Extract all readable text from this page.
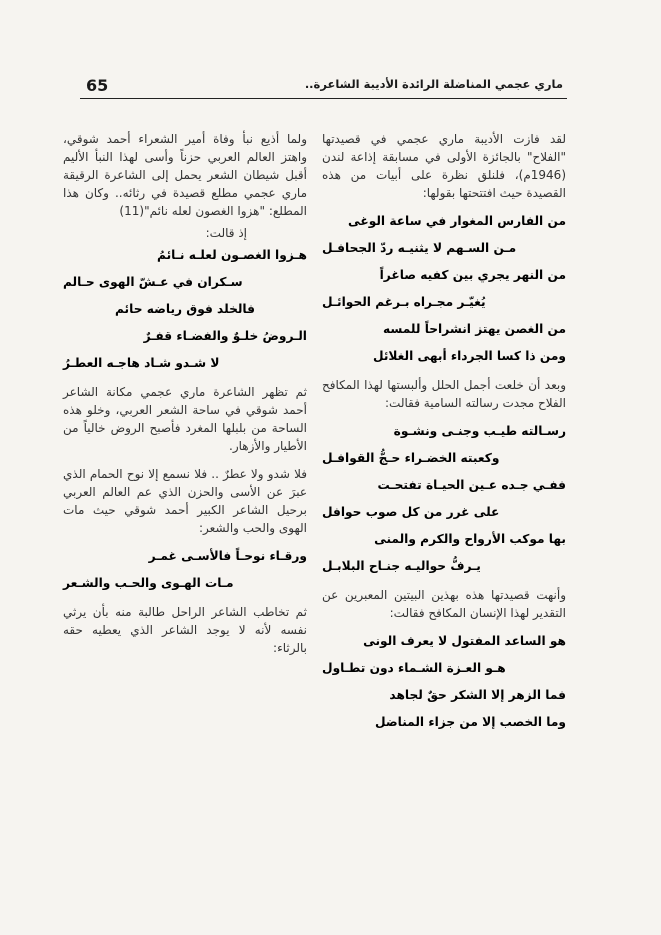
65	ماري عجمي المناضلة الرائدة الأديبة الشاعرة..

لقد فازت الأديبة ماري عجمي في قصيدتها "الفلاح" بالجائزة الأولى في مسابقة إذاعة لندن (1946م)، فلنلق نظرة على أبيات من هذه القصيدة حيث افتتحتها بقولها:

من الفارس المغوار في ساعة الوغى
مـن السـهم لا يثنيـه ردّ الجحافـل
من النهر يجري بين كفيه صاغراً
يُغيّـر مجـراه بـرغم الحوائـل
من الغصن يهتز انشراحاً للمسه
ومن ذا كسا الجرداء أبهى الغلائل

وبعد أن خلعت أجمل الحلل وألبستها لهذا المكافح الفلاح مجدت رسالته السامية فقالت:

رسـالته طيـب وجنـى ونشـوة
وكعبته الخضـراء حـجُّ القوافـل
ففـي جـده عـين الحيـاة تفتحـت
على غرر من كل صوب حوافل
بها موكب الأرواح والكرم والمنى
يـرفُّ حواليـه جنـاح البلابـل

وأنهت قصيدتها هذه بهذين البيتين المعبرين عن التقدير لهذا الإنسان المكافح فقالت:

هو الساعد المفتول لا يعرف الونى
هـو العـزة الشـماء دون تطـاول
فما الزهر إلا الشكر حقٌ لجاهد
وما الخصب إلا من جزاء المناضل

ولما أذيع نبأ وفاة أمير الشعراء أحمد شوقي، واهتز العالم العربي حزناً وأسى لهذا النبأ الأليم أقبل شيطان الشعر يحمل إلى الشاعرة الرقيقة ماري عجمي مطلع قصيدة في رثائه.. وكان هذا المطلع: "هزوا الغصون لعله نائم"(11)

إذ قالت:
هـزوا الغصـون لعلـه نـائمُ
سـكران في عـشّ الهوى حـالم
فالخلد فوق رياضه حائم
الـروضُ خلـوٌ والفضـاء قفـرٌ
لا شـدو شـاد هاجـه العطـرُ

ثم تظهر الشاعرة ماري عجمي مكانة الشاعر أحمد شوقي في ساحة الشعر العربي، وخلو هذه الساحة من بلبلها المغرد فأصبح الروض خالياً من الأطيار والأزهار.

فلا شدو ولا عطرٌ .. فلا نسمع إلا نوح الحمام الذي عبرَ عن الأسى والحزن الذي عم العالم العربي برحيل الشاعر الكبير أحمد شوقي حيث مات الهوى والحب والشعر:

ورقـاء نوحـاً فالأسـى غمـر
مـات الهـوى والحـب والشـعر

ثم تخاطب الشاعر الراحل طالبة منه بأن يرثي نفسه لأنه لا يوجد الشاعر الذي يعطيه حقه بالرثاء:
